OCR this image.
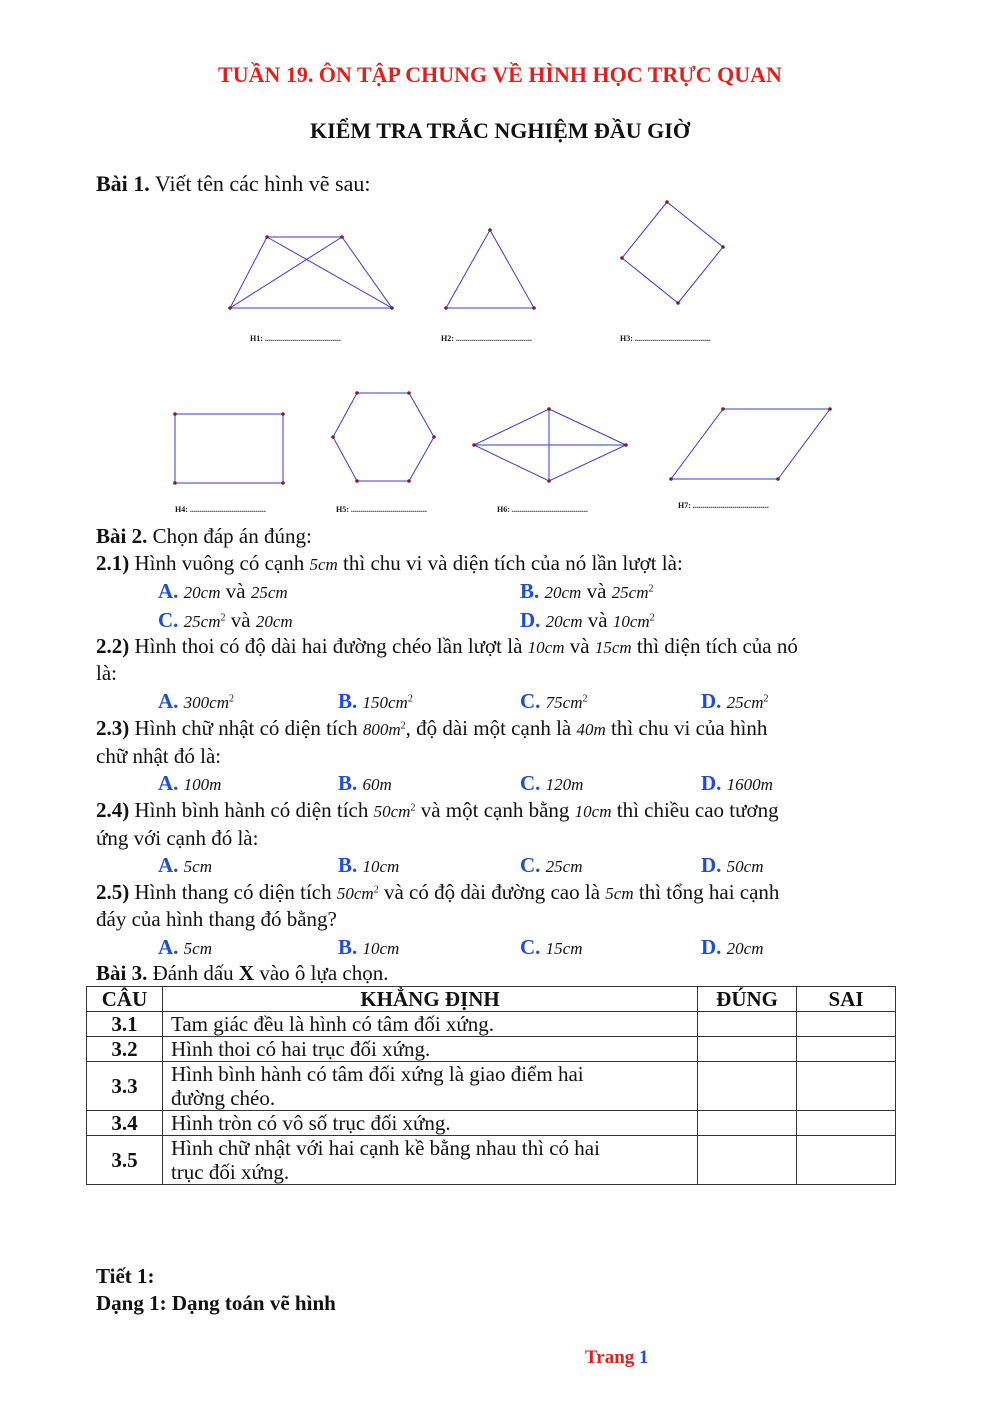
TUẦN 19. ÔN TẬP CHUNG VỀ HÌNH HỌC TRỰC QUAN
KIỂM TRA TRẮC NGHIỆM ĐẦU GIỜ
Bài 1. Viết tên các hình vẽ sau:
H1: ......................................	H2: ......................................	H3: ......................................
H4: ......................................	H5: ......................................	H6: ......................................	H7: ......................................
Bài 2. Chọn đáp án đúng:
2.1) Hình vuông có cạnh 5cm thì chu vi và diện tích của nó lần lượt là:
A. 20cm và 25cm	B. 20cm và $25cm^2$
C. $25cm^2$ và 20cm	D. 20cm và $10cm^2$
2.2) Hình thoi có độ dài hai đường chéo lần lượt là 10cm và 15cm thì diện tích của nó
là:
A. $300cm^2$	B. $150cm^2$	C. $75cm^2$	D. $25cm^2$
2.3) Hình chữ nhật có diện tích $800m^2$, độ dài một cạnh là 40m thì chu vi của hình
chữ nhật đó là:
A. 100m	B. 60m	C. 120m	D. 1600m
2.4) Hình bình hành có diện tích $50cm^2$ và một cạnh bằng 10cm thì chiều cao tương
ứng với cạnh đó là:
A. 5cm	B. 10cm	C. 25cm	D. 50cm
2.5) Hình thang có diện tích $50cm^2$ và có độ dài đường cao là 5cm thì tổng hai cạnh
đáy của hình thang đó bằng?
A. 5cm	B. 10cm	C. 15cm	D. 20cm
Bài 3. Đánh dấu X vào ô lựa chọn.
CÂU	KHẲNG ĐỊNH	ĐÚNG	SAI
3.1	Tam giác đều là hình có tâm đối xứng.		
3.2	Hình thoi có hai trục đối xứng.		
3.3	Hình bình hành có tâm đối xứng là giao điểm hai
đường chéo.		
3.4	Hình tròn có vô số trục đối xứng.		
3.5	Hình chữ nhật với hai cạnh kề bằng nhau thì có hai
trục đối xứng.		
Tiết 1:
Dạng 1: Dạng toán vẽ hình
Trang 1
